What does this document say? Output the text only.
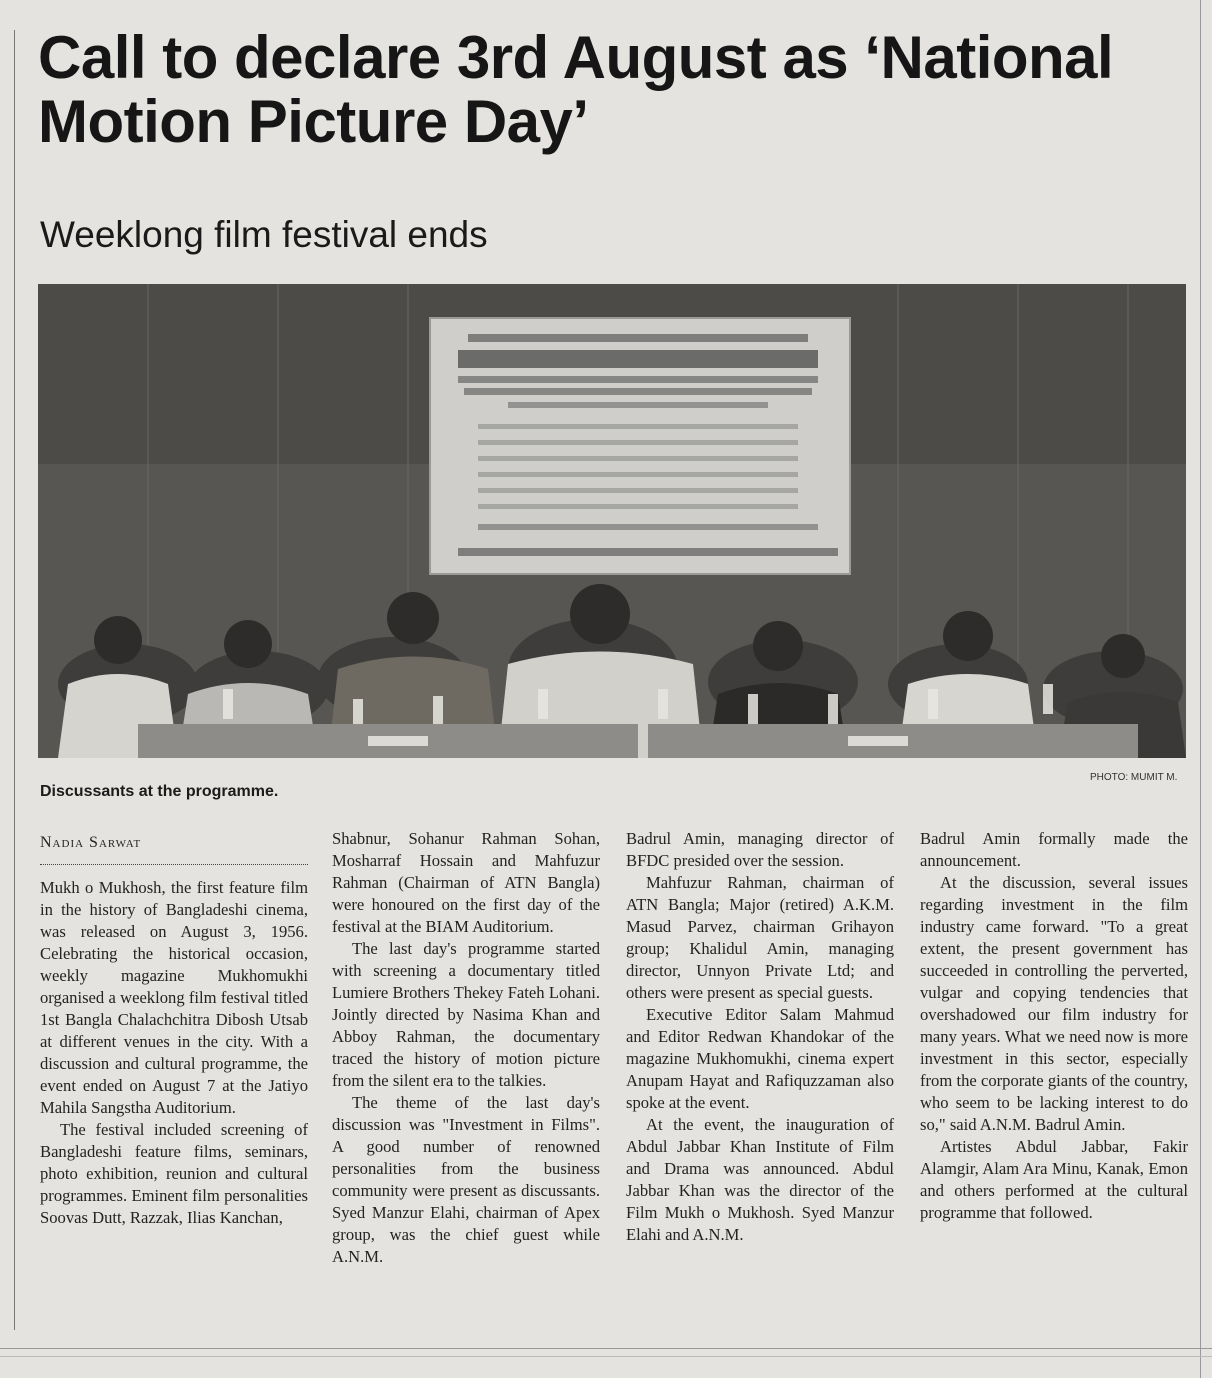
Call to declare 3rd August as ‘National Motion Picture Day’
Weeklong film festival ends
PHOTO: MUMIT M.

Discussants at the programme.

Nadia Sarwat

Mukh o Mukhosh, the first feature film in the history of Bangladeshi cinema, was released on August 3, 1956. Celebrating the historical occasion, weekly magazine Mukhomukhi organised a weeklong film festival titled 1st Bangla Chalachchitra Dibosh Utsab at different venues in the city. With a discussion and cultural programme, the event ended on August 7 at the Jatiyo Mahila Sangstha Auditorium.

The festival included screening of Bangladeshi feature films, seminars, photo exhibition, reunion and cultural programmes. Eminent film personalities Soovas Dutt, Razzak, Ilias Kanchan,

Shabnur, Sohanur Rahman Sohan, Mosharraf Hossain and Mahfuzur Rahman (Chairman of ATN Bangla) were honoured on the first day of the festival at the BIAM Auditorium.

The last day's programme started with screening a documentary titled Lumiere Brothers Thekey Fateh Lohani. Jointly directed by Nasima Khan and Abboy Rahman, the documentary traced the history of motion picture from the silent era to the talkies.

The theme of the last day's discussion was "Investment in Films". A good number of renowned personalities from the business community were present as discussants. Syed Manzur Elahi, chairman of Apex group, was the chief guest while A.N.M.

Badrul Amin, managing director of BFDC presided over the session.

Mahfuzur Rahman, chairman of ATN Bangla; Major (retired) A.K.M. Masud Parvez, chairman Grihayon group; Khalidul Amin, managing director, Unnyon Private Ltd; and others were present as special guests.

Executive Editor Salam Mahmud and Editor Redwan Khandokar of the magazine Mukhomukhi, cinema expert Anupam Hayat and Rafiquzzaman also spoke at the event.

At the event, the inauguration of Abdul Jabbar Khan Institute of Film and Drama was announced. Abdul Jabbar Khan was the director of the Film Mukh o Mukhosh. Syed Manzur Elahi and A.N.M.

Badrul Amin formally made the announcement.

At the discussion, several issues regarding investment in the film industry came forward. "To a great extent, the present government has succeeded in controlling the perverted, vulgar and copying tendencies that overshadowed our film industry for many years. What we need now is more investment in this sector, especially from the corporate giants of the country, who seem to be lacking interest to do so," said A.N.M. Badrul Amin.

Artistes Abdul Jabbar, Fakir Alamgir, Alam Ara Minu, Kanak, Emon and others performed at the cultural programme that followed.
